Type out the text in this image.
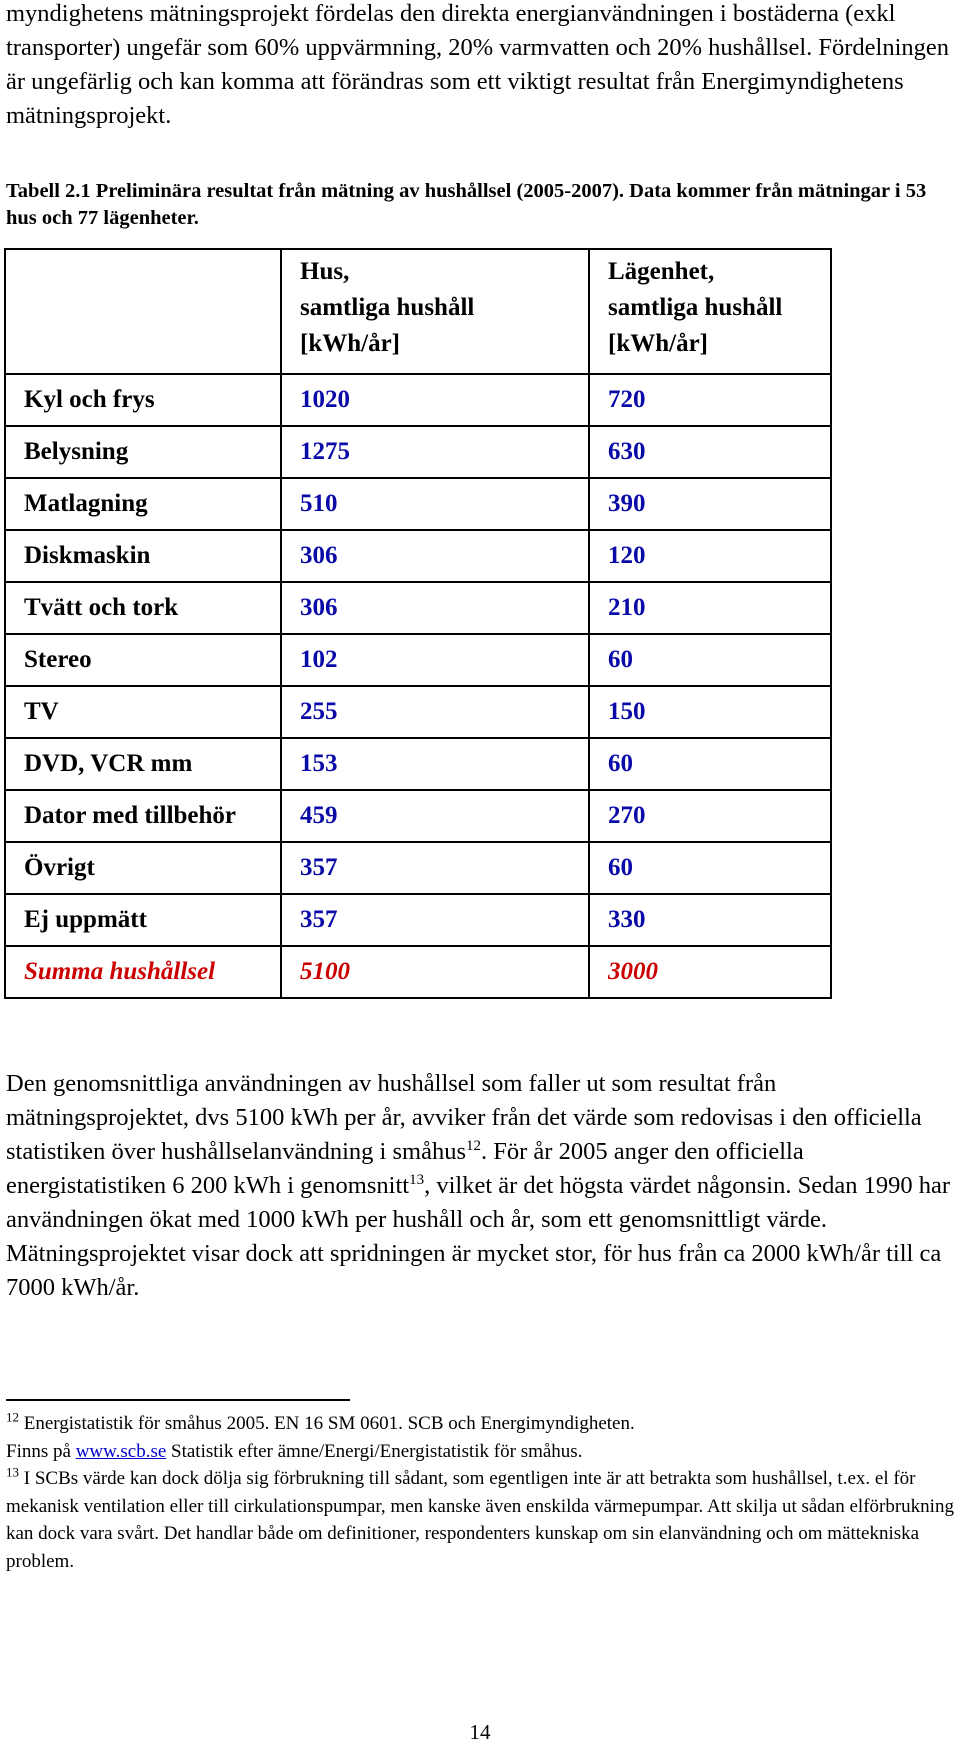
myndighetens mätningsprojekt fördelas den direkta energianvändningen i bostäderna (exkl transporter) ungefär som 60% uppvärmning, 20% varmvatten och 20% hushållsel. Fördelningen är ungefärlig och kan komma att förändras som ett viktigt resultat från Energimyndighetens mätningsprojekt.

Tabell 2.1 Preliminära resultat från mätning av hushållsel (2005-2007). Data kommer från mätningar i 53 hus och 77 lägenheter.

	Hus,
samtliga hushåll
[kWh/år]	Lägenhet,
samtliga hushåll
[kWh/år]
Kyl och frys	1020	720
Belysning	1275	630
Matlagning	510	390
Diskmaskin	306	120
Tvätt och tork	306	210
Stereo	102	60
TV	255	150
DVD, VCR mm	153	60
Dator med tillbehör	459	270
Övrigt	357	60
Ej uppmätt	357	330
Summa hushållsel	5100	3000

Den genomsnittliga användningen av hushållsel som faller ut som resultat från mätningsprojektet, dvs 5100 kWh per år, avviker från det värde som redovisas i den officiella statistiken över hushållselanvändning i småhus$^{12}$. För år 2005 anger den officiella energistatistiken 6 200 kWh i genomsnitt$^{13}$, vilket är det högsta värdet någonsin. Sedan 1990 har användningen ökat med 1000 kWh per hushåll och år, som ett genomsnittligt värde. Mätningsprojektet visar dock att spridningen är mycket stor, för hus från ca 2000 kWh/år till ca 7000 kWh/år.

$^{12}$ Energistatistik för småhus 2005. EN 16 SM 0601. SCB och Energimyndigheten.
Finns på www.scb.se Statistik efter ämne/Energi/Energistatistik för småhus.

$^{13}$ I SCBs värde kan dock dölja sig förbrukning till sådant, som egentligen inte är att betrakta som hushållsel, t.ex. el för mekanisk ventilation eller till cirkulationspumpar, men kanske även enskilda värmepumpar. Att skilja ut sådan elförbrukning kan dock vara svårt. Det handlar både om definitioner, respondenters kunskap om sin elanvändning och om mättekniska problem.

14
